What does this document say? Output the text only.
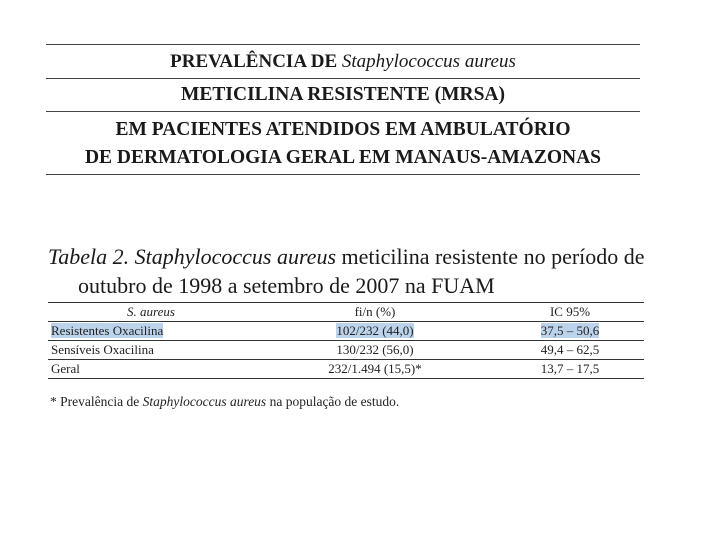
PREVALÊNCIA DE Staphylococcus aureus
METICILINA RESISTENTE (MRSA)
EM PACIENTES ATENDIDOS EM AMBULATÓRIO
DE DERMATOLOGIA GERAL EM MANAUS-AMAZONAS
Tabela 2. Staphylococcus aureus meticilina resistente no período de
outubro de 1998 a setembro de 2007 na FUAM
S. aureus	fi/n (%)	IC 95%
Resistentes Oxacilina	102/232 (44,0)	37,5 – 50,6
Sensíveis Oxacilina	130/232 (56,0)	49,4 – 62,5
Geral	232/1.494 (15,5)*	13,7 – 17,5
* Prevalência de Staphylococcus aureus na população de estudo.
